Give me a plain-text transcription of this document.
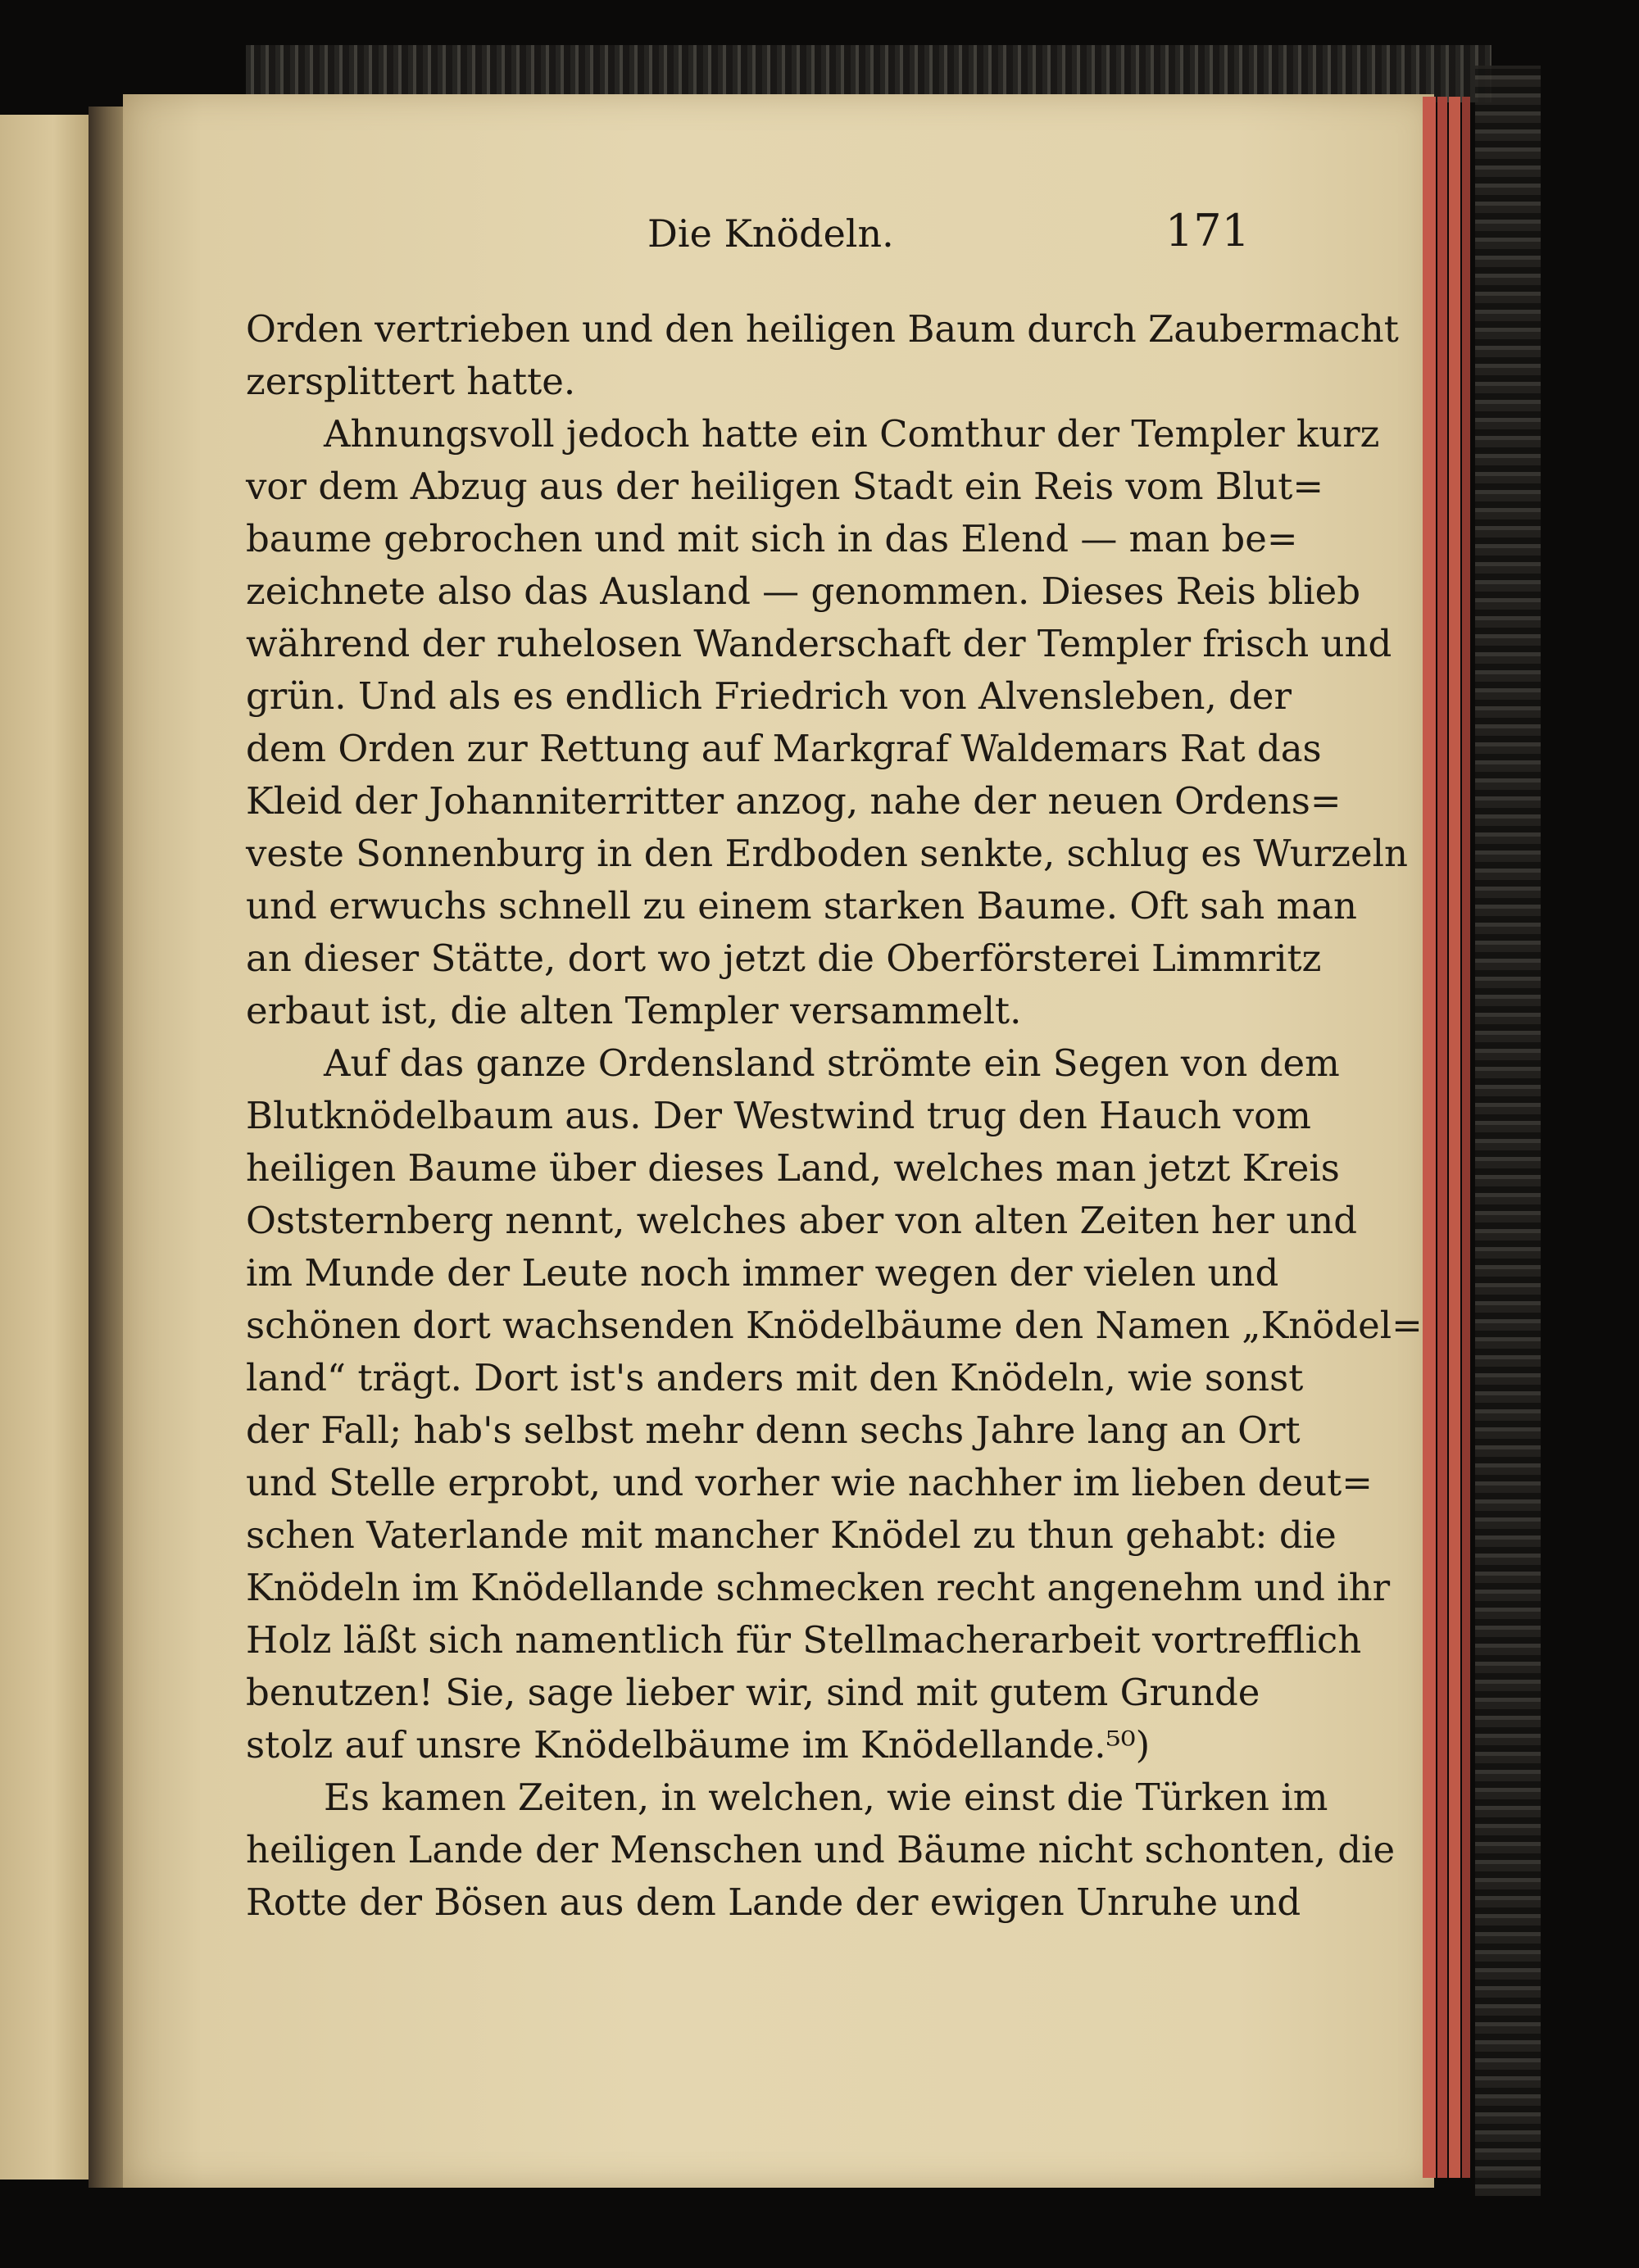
Die Knödeln.	171
Orden vertrieben und den heiligen Baum durch Zaubermacht
zersplittert hatte.
Ahnungsvoll jedoch hatte ein Comthur der Templer kurz
vor dem Abzug aus der heiligen Stadt ein Reis vom Blut=
baume gebrochen und mit sich in das Elend — man be=
zeichnete also das Ausland — genommen. Dieses Reis blieb
während der ruhelosen Wanderschaft der Templer frisch und
grün. Und als es endlich Friedrich von Alvensleben, der
dem Orden zur Rettung auf Markgraf Waldemars Rat das
Kleid der Johanniterritter anzog, nahe der neuen Ordens=
veste Sonnenburg in den Erdboden senkte, schlug es Wurzeln
und erwuchs schnell zu einem starken Baume. Oft sah man
an dieser Stätte, dort wo jetzt die Oberförsterei Limmritz
erbaut ist, die alten Templer versammelt.
Auf das ganze Ordensland strömte ein Segen von dem
Blutknödelbaum aus. Der Westwind trug den Hauch vom
heiligen Baume über dieses Land, welches man jetzt Kreis
Oststernberg nennt, welches aber von alten Zeiten her und
im Munde der Leute noch immer wegen der vielen und
schönen dort wachsenden Knödelbäume den Namen „Knödel=
land“ trägt. Dort ist's anders mit den Knödeln, wie sonst
der Fall; hab's selbst mehr denn sechs Jahre lang an Ort
und Stelle erprobt, und vorher wie nachher im lieben deut=
schen Vaterlande mit mancher Knödel zu thun gehabt: die
Knödeln im Knödellande schmecken recht angenehm und ihr
Holz läßt sich namentlich für Stellmacherarbeit vortrefflich
benutzen! Sie, sage lieber wir, sind mit gutem Grunde
stolz auf unsre Knödelbäume im Knödellande.⁵⁰)
Es kamen Zeiten, in welchen, wie einst die Türken im
heiligen Lande der Menschen und Bäume nicht schonten, die
Rotte der Bösen aus dem Lande der ewigen Unruhe und
